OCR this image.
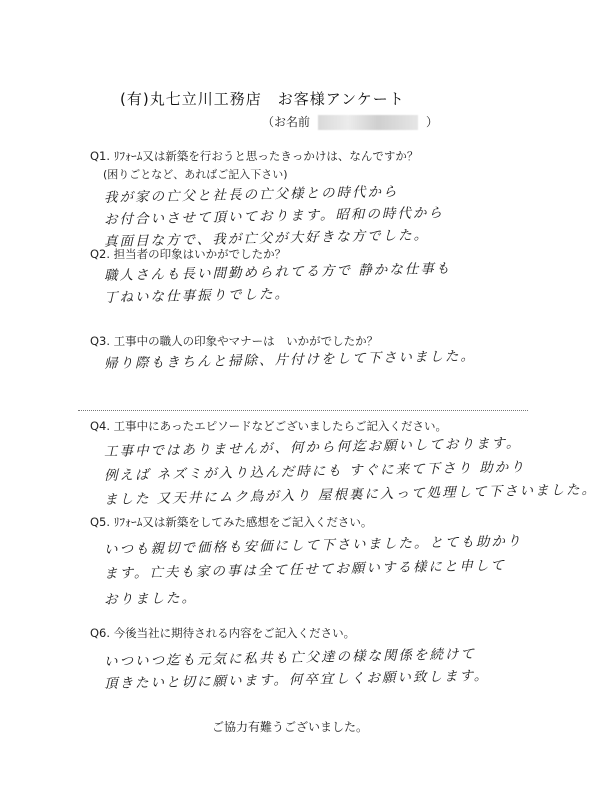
(有)丸七立川工務店　お客様アンケート
（お名前	）
Q1. ﾘﾌｫｰﾑ又は新築を行おうと思ったきっかけは、なんですか？
(困りごとなど、あればご記入下さい)
我が家の亡父と社長の亡父様との時代から
お付合いさせて頂いております。昭和の時代から
真面目な方で、我が亡父が大好きな方でした。
Q2. 担当者の印象はいかがでしたか？
職人さんも長い間勤められてる方で 静かな仕事も
丁ねいな仕事振りでした。
Q3. 工事中の職人の印象やマナーは　いかがでしたか？
帰り際もきちんと掃除、片付けをして下さいました。
Q4. 工事中にあったエピソードなどございましたらご記入ください。
工事中ではありませんが、何から何迄お願いしております。
例えば ネズミが入り込んだ時にも すぐに来て下さり 助かり
ました 又天井にムク鳥が入り 屋根裏に入って処理して下さいました。
Q5. ﾘﾌｫｰﾑ又は新築をしてみた感想をご記入ください。
いつも親切で価格も安価にして下さいました。とても助かり
ます。亡夫も家の事は全て任せてお願いする様にと申して
おりました。
Q6. 今後当社に期待される内容をご記入ください。
いついつ迄も元気に私共も亡父達の様な関係を続けて
頂きたいと切に願います。何卒宜しくお願い致します。
ご協力有難うございました。
